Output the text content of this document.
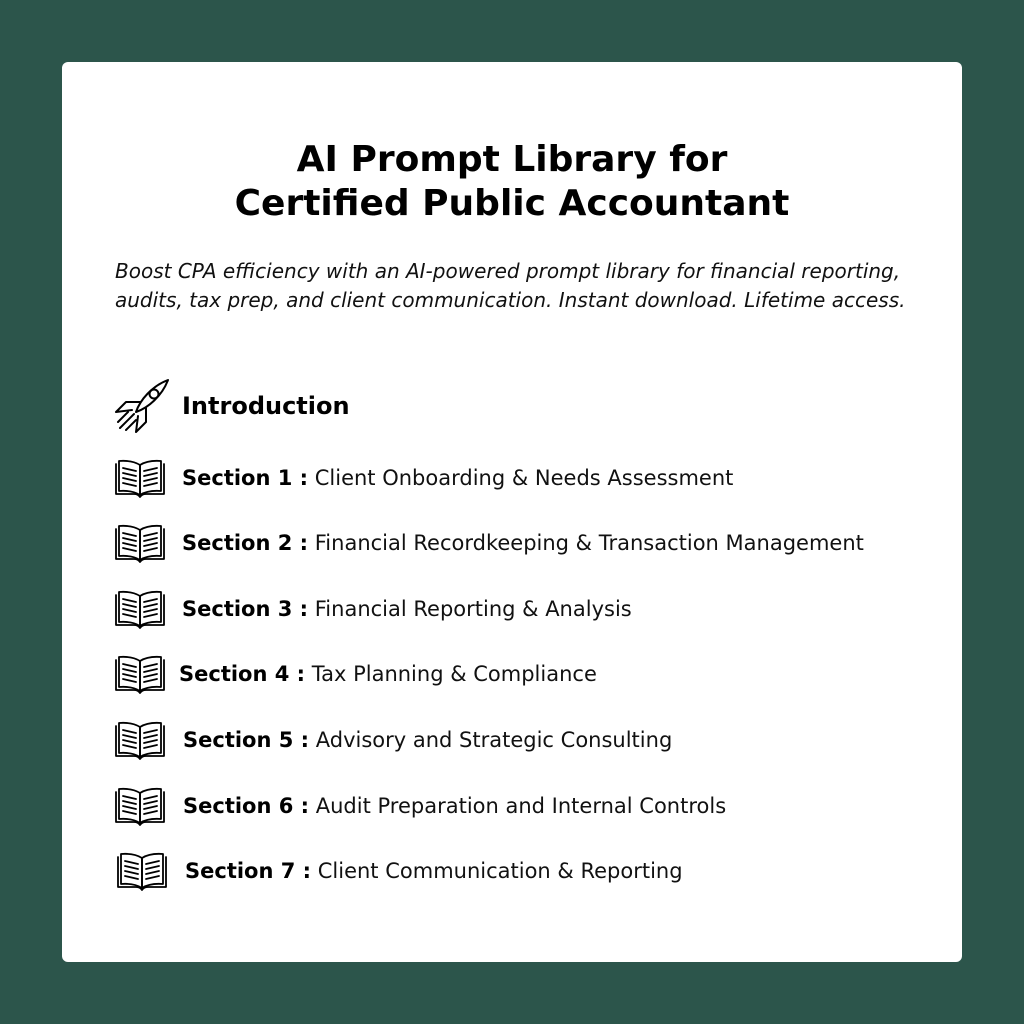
AI Prompt Library for
Certified Public Accountant
Boost CPA efficiency with an AI-powered prompt library for financial reporting, audits, tax prep, and client communication. Instant download. Lifetime access.
Introduction
Section 1 : Client Onboarding & Needs Assessment
Section 2 : Financial Recordkeeping & Transaction Management
Section 3 : Financial Reporting & Analysis
Section 4 : Tax Planning & Compliance
Section 5 : Advisory and Strategic Consulting
Section 6 : Audit Preparation and Internal Controls
Section 7 : Client Communication & Reporting
